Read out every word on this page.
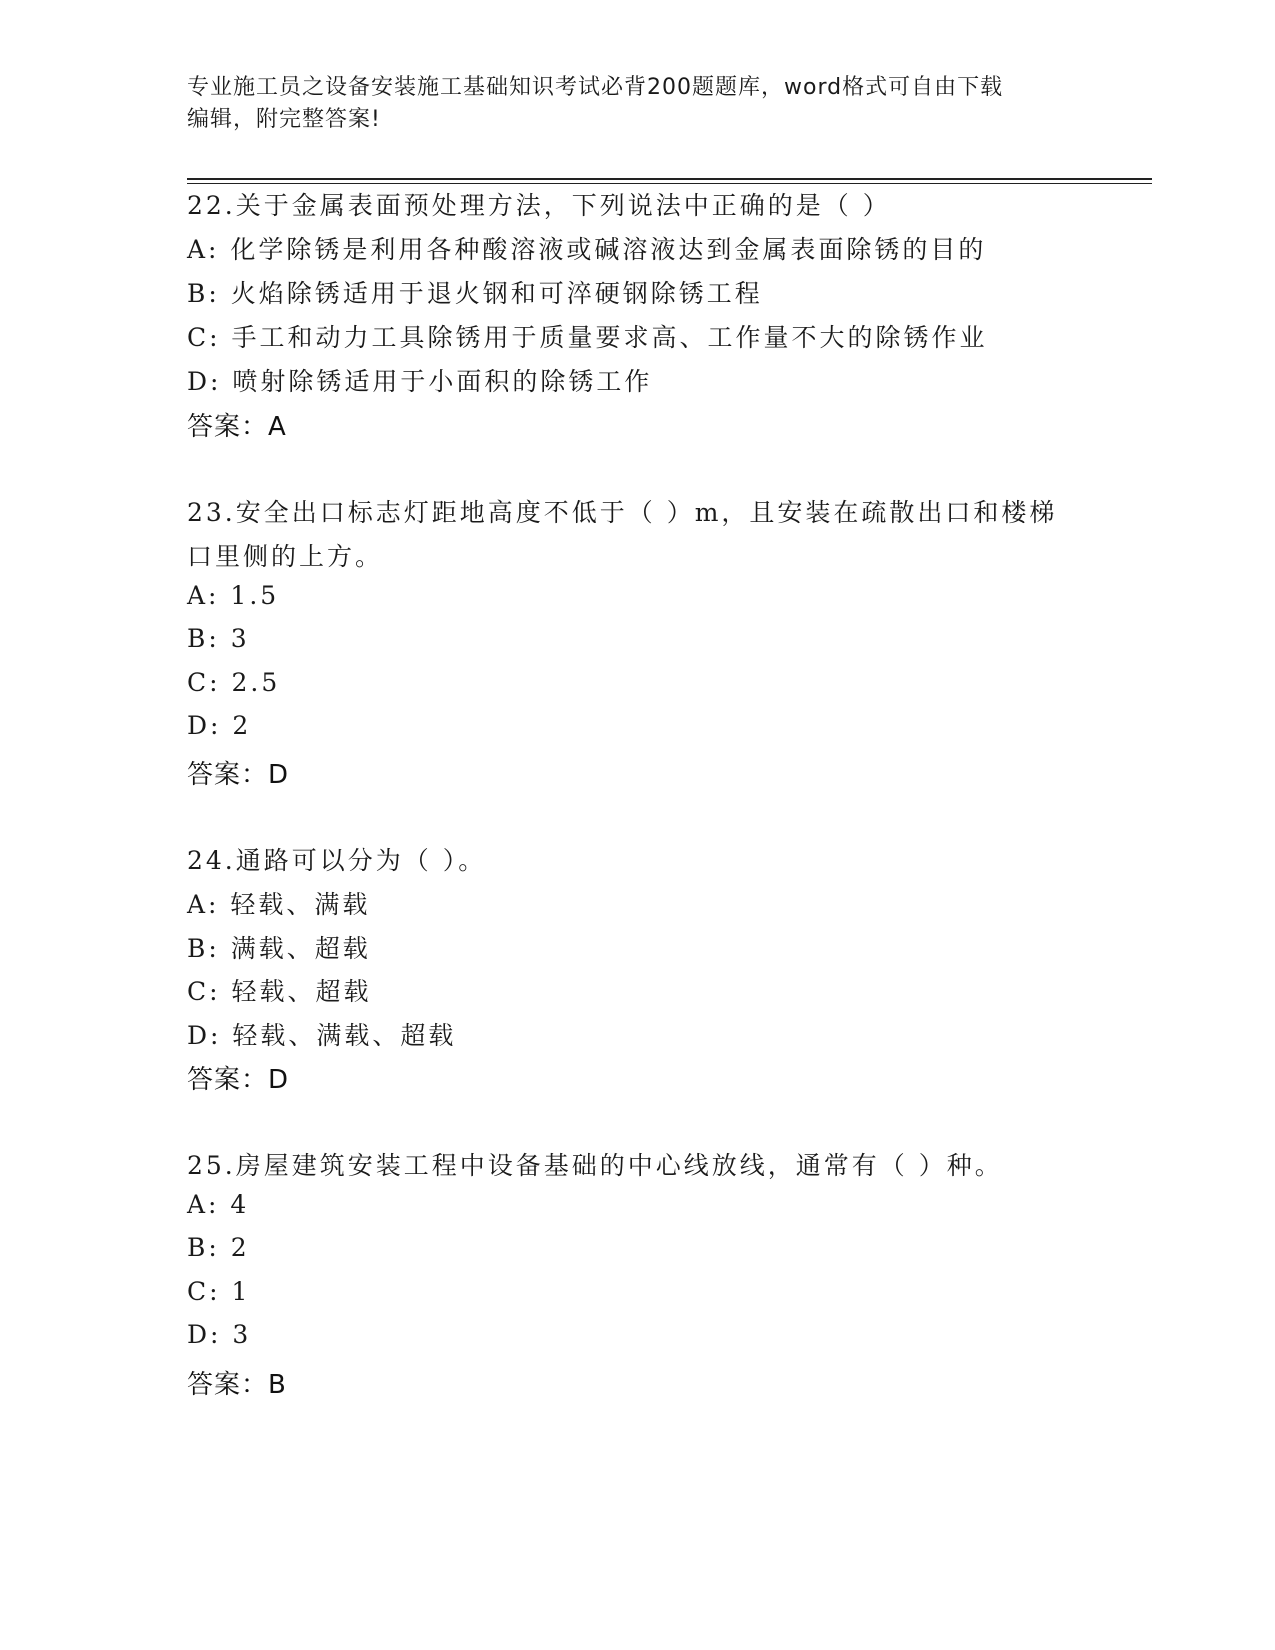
专业施工员之设备安装施工基础知识考试必背200题题库，word格式可自由下载
编辑，附完整答案!
22.关于金属表面预处理方法，下列说法中正确的是（ ）
A: 化学除锈是利用各种酸溶液或碱溶液达到金属表面除锈的目的
B: 火焰除锈适用于退火钢和可淬硬钢除锈工程
C: 手工和动力工具除锈用于质量要求高、工作量不大的除锈作业
D: 喷射除锈适用于小面积的除锈工作
答案：A
23.安全出口标志灯距地高度不低于（ ）m，且安装在疏散出口和楼梯
口里侧的上方。
A: 1.5
B: 3
C: 2.5
D: 2
答案：D
24.通路可以分为（ ）。
A: 轻载、满载
B: 满载、超载
C: 轻载、超载
D: 轻载、满载、超载
答案：D
25.房屋建筑安装工程中设备基础的中心线放线，通常有（ ）种。
A: 4
B: 2
C: 1
D: 3
答案：B
